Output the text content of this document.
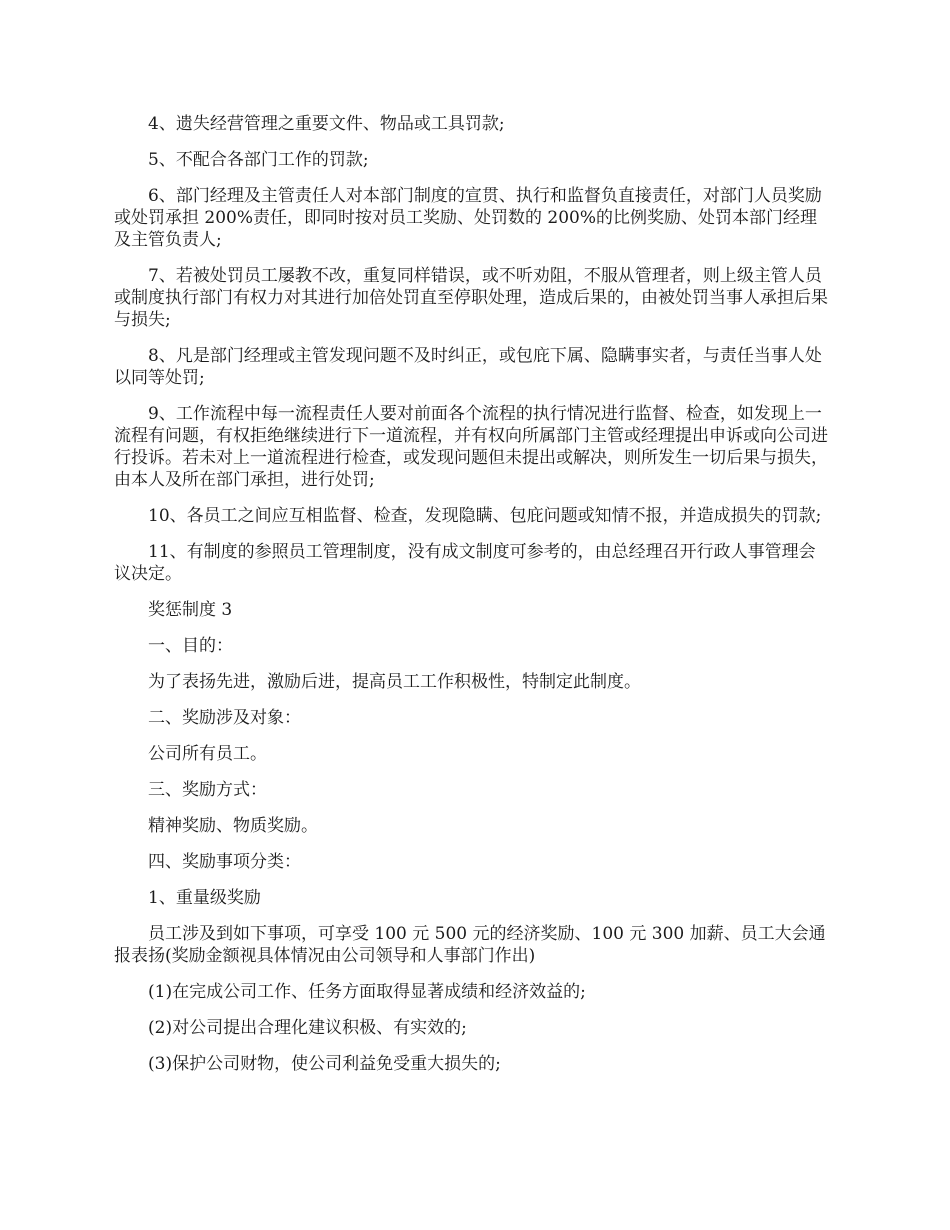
4、遗失经营管理之重要文件、物品或工具罚款;

5、不配合各部门工作的罚款;

6、部门经理及主管责任人对本部门制度的宣贯、执行和监督负直接责任，对部门人员奖励或处罚承担 200%责任，即同时按对员工奖励、处罚数的 200%的比例奖励、处罚本部门经理及主管负责人;

7、若被处罚员工屡教不改，重复同样错误，或不听劝阻，不服从管理者，则上级主管人员或制度执行部门有权力对其进行加倍处罚直至停职处理，造成后果的，由被处罚当事人承担后果与损失;

8、凡是部门经理或主管发现问题不及时纠正，或包庇下属、隐瞒事实者，与责任当事人处以同等处罚;

9、工作流程中每一流程责任人要对前面各个流程的执行情况进行监督、检查，如发现上一流程有问题，有权拒绝继续进行下一道流程，并有权向所属部门主管或经理提出申诉或向公司进行投诉。若未对上一道流程进行检查，或发现问题但未提出或解决，则所发生一切后果与损失，由本人及所在部门承担，进行处罚;

10、各员工之间应互相监督、检查，发现隐瞒、包庇问题或知情不报，并造成损失的罚款;

11、有制度的参照员工管理制度，没有成文制度可参考的，由总经理召开行政人事管理会议决定。

奖惩制度 3

一、目的：

为了表扬先进，激励后进，提高员工工作积极性，特制定此制度。

二、奖励涉及对象：

公司所有员工。

三、奖励方式：

精神奖励、物质奖励。

四、奖励事项分类：

1、重量级奖励

员工涉及到如下事项，可享受 100 元 500 元的经济奖励、100 元 300 加薪、员工大会通报表扬(奖励金额视具体情况由公司领导和人事部门作出)

(1)在完成公司工作、任务方面取得显著成绩和经济效益的;

(2)对公司提出合理化建议积极、有实效的;

(3)保护公司财物，使公司利益免受重大损失的;
